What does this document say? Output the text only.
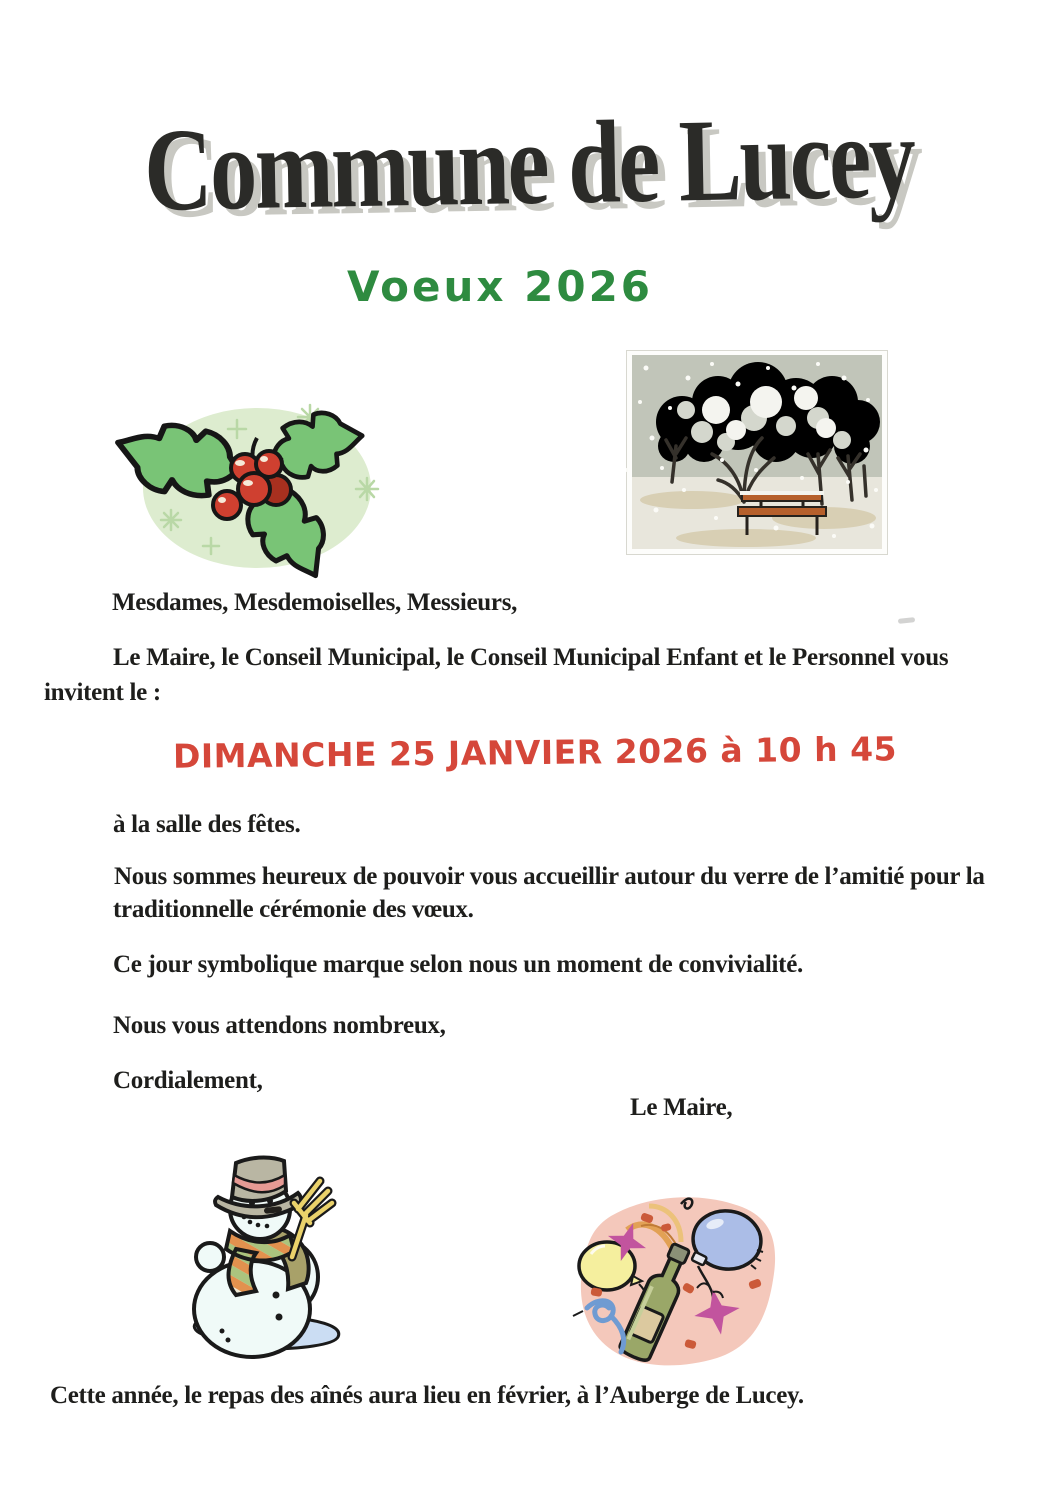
Commune de Lucey
Voeux 2026
Mesdames, Mesdemoiselles, Messieurs,
Le Maire, le Conseil Municipal, le Conseil Municipal Enfant et le Personnel vous
invitent le :
DIMANCHE 25 JANVIER 2026 à 10 h 45
à la salle des fêtes.
Nous sommes heureux de pouvoir vous accueillir autour du verre de l’amitié pour la
traditionnelle cérémonie des vœux.
Ce jour symbolique marque selon nous un moment de convivialité.
Nous vous attendons nombreux,
Cordialement,
Le Maire,
Cette année, le repas des aînés aura lieu en février, à l’Auberge de Lucey.
